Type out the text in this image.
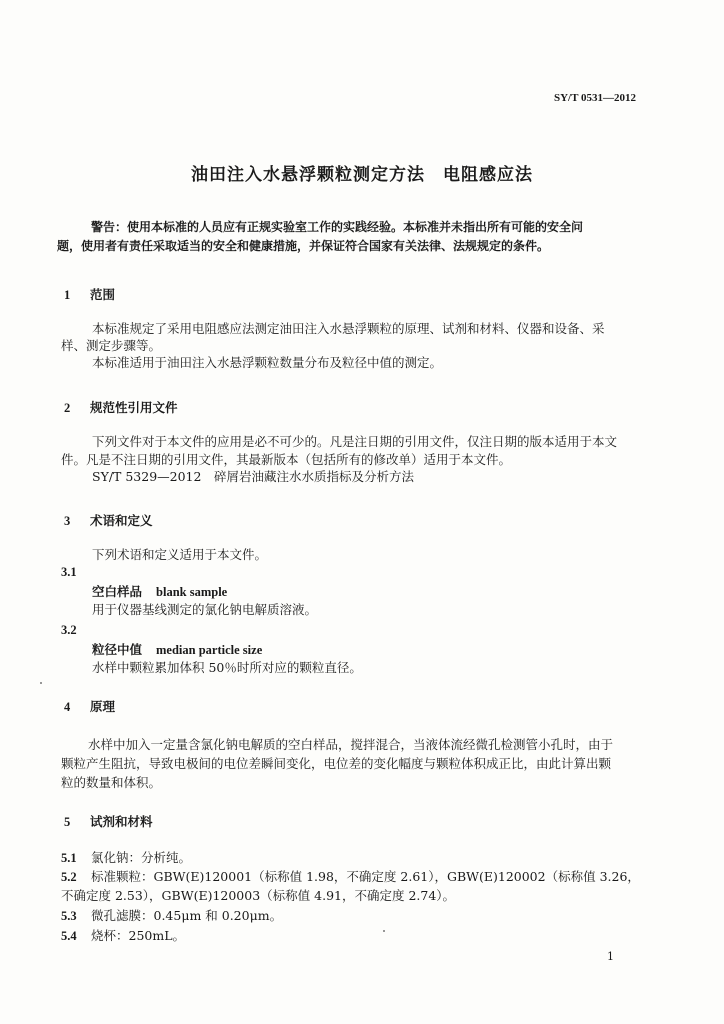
SY/T 0531—2012
油田注入水悬浮颗粒测定方法　电阻感应法
警告：使用本标准的人员应有正规实验室工作的实践经验。本标准并未指出所有可能的安全问
题，使用者有责任采取适当的安全和健康措施，并保证符合国家有关法律、法规规定的条件。
1 范围
本标准规定了采用电阻感应法测定油田注入水悬浮颗粒的原理、试剂和材料、仪器和设备、采
样、测定步骤等。
本标准适用于油田注入水悬浮颗粒数量分布及粒径中值的测定。
2 规范性引用文件
下列文件对于本文件的应用是必不可少的。凡是注日期的引用文件，仅注日期的版本适用于本文
件。凡是不注日期的引用文件，其最新版本（包括所有的修改单）适用于本文件。
SY/T 5329—2012　碎屑岩油藏注水水质指标及分析方法
3 术语和定义
下列术语和定义适用于本文件。
3.1
空白样品 blank sample
用于仪器基线测定的氯化钠电解质溶液。
3.2
粒径中值 median particle size
水样中颗粒累加体积 50％时所对应的颗粒直径。
4 原理
水样中加入一定量含氯化钠电解质的空白样品，搅拌混合，当液体流经微孔检测管小孔时，由于
颗粒产生阻抗，导致电极间的电位差瞬间变化，电位差的变化幅度与颗粒体积成正比，由此计算出颗
粒的数量和体积。
5 试剂和材料
5.1 氯化钠：分析纯。
5.2 标准颗粒：GBW(E)120001（标称值 1.98，不确定度 2.61），GBW(E)120002（标称值 3.26，
不确定度 2.53），GBW(E)120003（标称值 4.91，不确定度 2.74）。
5.3 微孔滤膜：0.45μm 和 0.20μm。
5.4 烧杯：250mL。
1
